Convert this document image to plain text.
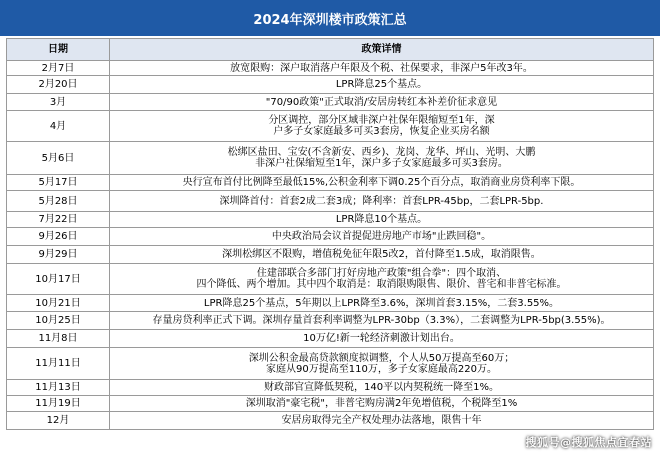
2024年深圳楼市政策汇总
日期	政策详情
2月7日	放宽限购：深户取消落户年限及个税、社保要求，非深户5年改3年。

2月20日	LPR降息25个基点。

3月	"70/90政策"正式取消/安居房转红本补差价征求意见

4月	分区调控，部分区域非深户社保年限缩短至1年，深
户多子女家庭最多可买3套房，恢复企业买房名额

5月6日	松绑区盐田、宝安(不含新安、西乡)、龙岗、龙华、坪山、光明、大鹏
非深户社保缩短至1年，深户多子女家庭最多可买3套房。

5月17日	央行宣布首付比例降至最低15%,公积金利率下调0.25个百分点，取消商业房贷利率下限。

5月28日	深圳降首付：首套2成二套3成；降利率：首套LPR-45bp，二套LPR-5bp.

7月22日	LPR降息10个基点。

9月26日	中央政治局会议首提促进房地产市场"止跌回稳"。

9月29日	深圳松绑区不限购，增值税免征年限5改2，首付降至1.5成，取消限售。

10月17日	住建部联合多部门打好房地产政策"组合拳"：四个取消、
四个降低、两个增加。其中四个取消是：取消限购限售、限价、普宅和非普宅标准。

10月21日	LPR降息25个基点，5年期以上LPR降至3.6%，深圳首套3.15%，二套3.55%。

10月25日	存量房贷利率正式下调。深圳存量首套利率调整为LPR-30bp（3.3%），二套调整为LPR-5bp(3.55%)。

11月8日	10万亿!新一轮经济刺激计划出台。

11月11日	深圳公积金最高贷款额度拟调整，个人从50万提高至60万；
家庭从90万提高至110万，多子女家庭最高220万。

11月13日	财政部官宣降低契税，140平以内契税统一降至1%。

11月19日	深圳取消"豪宅税"，非普宅购房满2年免增值税，个税降至1%

12月	安居房取得完全产权处理办法落地，限售十年
搜狐号@搜狐焦点宜春站
